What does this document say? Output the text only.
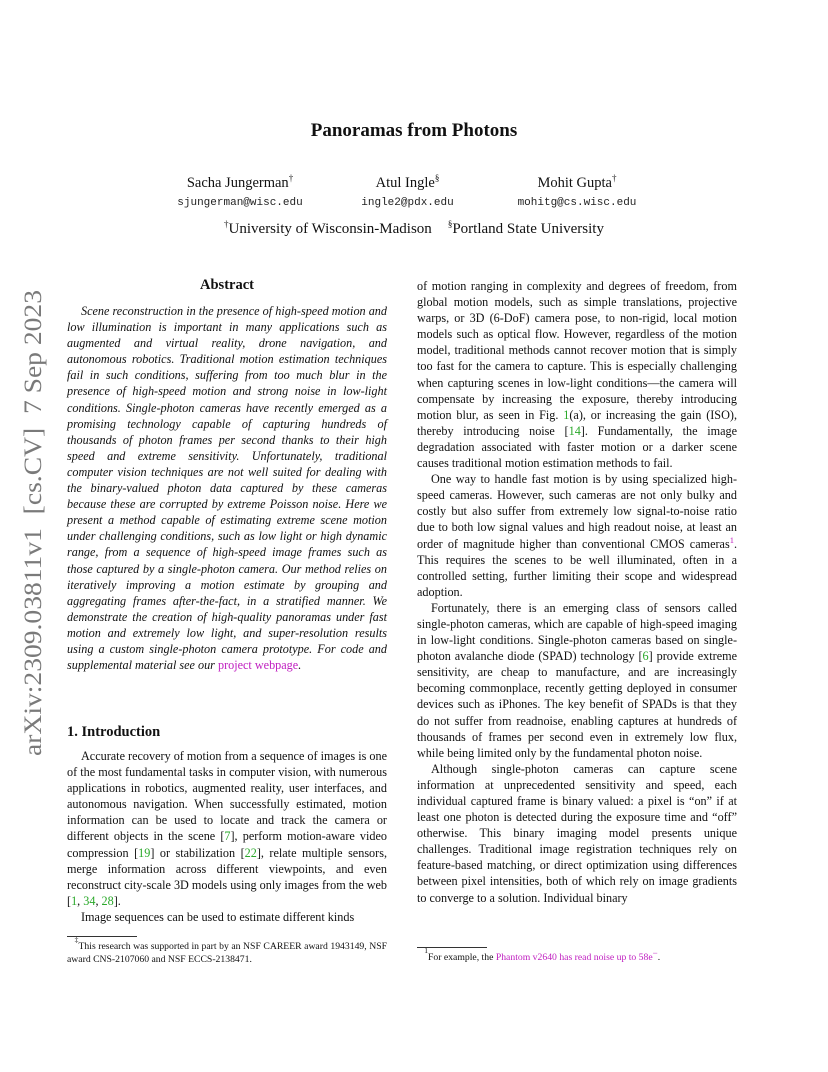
arXiv:2309.03811v1  [cs.CV]  7 Sep 2023
Panoramas from Photons
Sacha Jungerman†
sjungerman@wisc.edu
Atul Ingle§
ingle2@pdx.edu
Mohit Gupta†
mohitg@cs.wisc.edu
†University of Wisconsin-Madison §Portland State University
Abstract

Scene reconstruction in the presence of high-speed motion and low illumination is important in many applications such as augmented and virtual reality, drone navigation, and autonomous robotics. Traditional motion estimation techniques fail in such conditions, suffering from too much blur in the presence of high-speed motion and strong noise in low-light conditions. Single-photon cameras have recently emerged as a promising technology capable of capturing hundreds of thousands of photon frames per second thanks to their high speed and extreme sensitivity. Unfortunately, traditional computer vision techniques are not well suited for dealing with the binary-valued photon data captured by these cameras because these are corrupted by extreme Poisson noise. Here we present a method capable of estimating extreme scene motion under challenging conditions, such as low light or high dynamic range, from a sequence of high-speed image frames such as those captured by a single-photon camera. Our method relies on iteratively improving a motion estimate by grouping and aggregating frames after-the-fact, in a stratified manner. We demonstrate the creation of high-quality panoramas under fast motion and extremely low light, and super-resolution results using a custom single-photon camera prototype. For code and supplemental material see our project webpage.

1. Introduction

Accurate recovery of motion from a sequence of images is one of the most fundamental tasks in computer vision, with numerous applications in robotics, augmented reality, user interfaces, and autonomous navigation. When successfully estimated, motion information can be used to locate and track the camera or different objects in the scene [7], perform motion-aware video compression [19] or stabilization [22], relate multiple sensors, merge information across different viewpoints, and even reconstruct city-scale 3D models using only images from the web [1, 34, 28].

Image sequences can be used to estimate different kinds

‡This research was supported in part by an NSF CAREER award 1943149, NSF award CNS-2107060 and NSF ECCS-2138471.

of motion ranging in complexity and degrees of freedom, from global motion models, such as simple translations, projective warps, or 3D (6-DoF) camera pose, to non-rigid, local motion models such as optical flow. However, regardless of the motion model, traditional methods cannot recover motion that is simply too fast for the camera to capture. This is especially challenging when capturing scenes in low-light conditions—the camera will compensate by increasing the exposure, thereby introducing motion blur, as seen in Fig. 1(a), or increasing the gain (ISO), thereby introducing noise [14]. Fundamentally, the image degradation associated with faster motion or a darker scene causes traditional motion estimation methods to fail.

One way to handle fast motion is by using specialized high-speed cameras. However, such cameras are not only bulky and costly but also suffer from extremely low signal-to-noise ratio due to both low signal values and high readout noise, at least an order of magnitude higher than conventional CMOS cameras$^1$. This requires the scenes to be well illuminated, often in a controlled setting, further limiting their scope and widespread adoption.

Fortunately, there is an emerging class of sensors called single-photon cameras, which are capable of high-speed imaging in low-light conditions. Single-photon cameras based on single-photon avalanche diode (SPAD) technology [6] provide extreme sensitivity, are cheap to manufacture, and are increasingly becoming commonplace, recently getting deployed in consumer devices such as iPhones. The key benefit of SPADs is that they do not suffer from readnoise, enabling captures at hundreds of thousands of frames per second even in extremely low flux, while being limited only by the fundamental photon noise.

Although single-photon cameras can capture scene information at unprecedented sensitivity and speed, each individual captured frame is binary valued: a pixel is “on” if at least one photon is detected during the exposure time and “off” otherwise. This binary imaging model presents unique challenges. Traditional image registration techniques rely on feature-based matching, or direct optimization using differences between pixel intensities, both of which rely on image gradients to converge to a solution. Individual binary

$^1$For example, the Phantom v2640 has read noise up to 58e−.
